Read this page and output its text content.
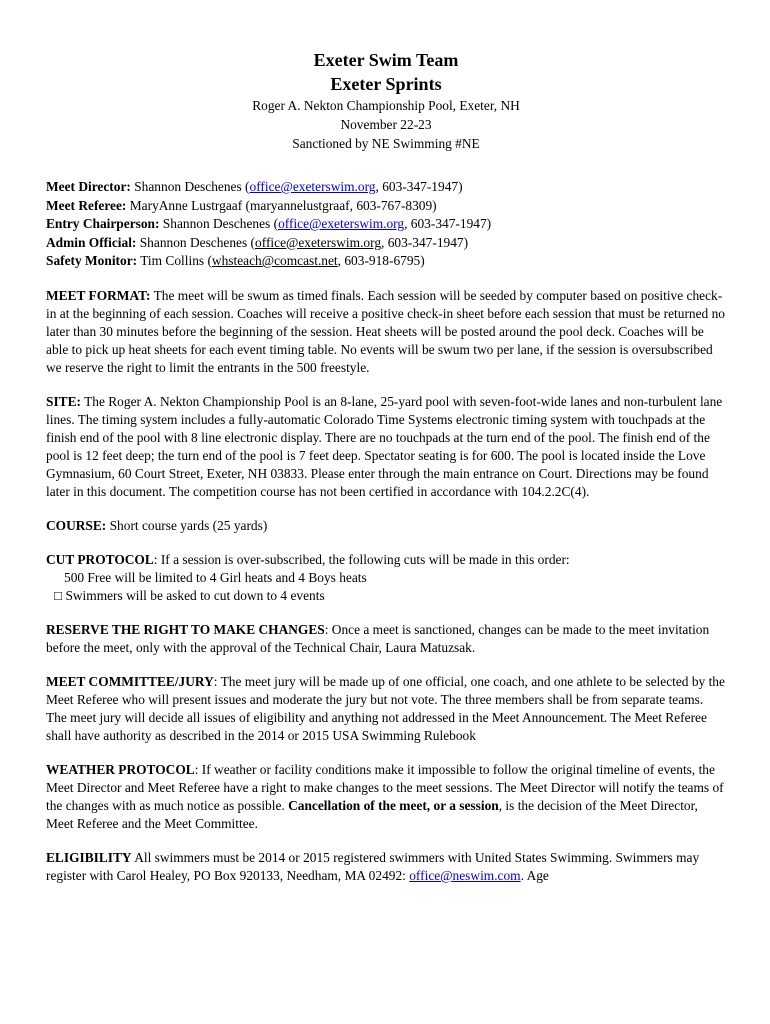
Exeter Swim Team
Exeter Sprints
Roger A. Nekton Championship Pool, Exeter, NH
November 22-23
Sanctioned by NE Swimming #NE
Meet Director: Shannon Deschenes (office@exeterswim.org, 603-347-1947)
Meet Referee: MaryAnne Lustrgaaf (maryannelustgraaf, 603-767-8309)
Entry Chairperson: Shannon Deschenes (office@exeterswim.org, 603-347-1947)
Admin Official: Shannon Deschenes (office@exeterswim.org, 603-347-1947)
Safety Monitor: Tim Collins (whsteach@comcast.net, 603-918-6795)
MEET FORMAT: The meet will be swum as timed finals. Each session will be seeded by computer based on positive check-in at the beginning of each session. Coaches will receive a positive check-in sheet before each session that must be returned no later than 30 minutes before the beginning of the session. Heat sheets will be posted around the pool deck. Coaches will be able to pick up heat sheets for each event timing table. No events will be swum two per lane, if the session is oversubscribed we reserve the right to limit the entrants in the 500 freestyle.
SITE: The Roger A. Nekton Championship Pool is an 8-lane, 25-yard pool with seven-foot-wide lanes and non-turbulent lane lines. The timing system includes a fully-automatic Colorado Time Systems electronic timing system with touchpads at the finish end of the pool with 8 line electronic display. There are no touchpads at the turn end of the pool. The finish end of the pool is 12 feet deep; the turn end of the pool is 7 feet deep. Spectator seating is for 600. The pool is located inside the Love Gymnasium, 60 Court Street, Exeter, NH 03833. Please enter through the main entrance on Court. Directions may be found later in this document. The competition course has not been certified in accordance with 104.2.2C(4).
COURSE: Short course yards (25 yards)
CUT PROTOCOL: If a session is over-subscribed, the following cuts will be made in this order:
500 Free will be limited to 4 Girl heats and 4 Boys heats
□ Swimmers will be asked to cut down to 4 events
RESERVE THE RIGHT TO MAKE CHANGES: Once a meet is sanctioned, changes can be made to the meet invitation before the meet, only with the approval of the Technical Chair, Laura Matuzsak.
MEET COMMITTEE/JURY: The meet jury will be made up of one official, one coach, and one athlete to be selected by the Meet Referee who will present issues and moderate the jury but not vote. The three members shall be from separate teams. The meet jury will decide all issues of eligibility and anything not addressed in the Meet Announcement. The Meet Referee shall have authority as described in the 2014 or 2015 USA Swimming Rulebook
WEATHER PROTOCOL: If weather or facility conditions make it impossible to follow the original timeline of events, the Meet Director and Meet Referee have a right to make changes to the meet sessions. The Meet Director will notify the teams of the changes with as much notice as possible. Cancellation of the meet, or a session, is the decision of the Meet Director, Meet Referee and the Meet Committee.
ELIGIBILITY All swimmers must be 2014 or 2015 registered swimmers with United States Swimming. Swimmers may register with Carol Healey, PO Box 920133, Needham, MA 02492: office@neswim.com. Age
